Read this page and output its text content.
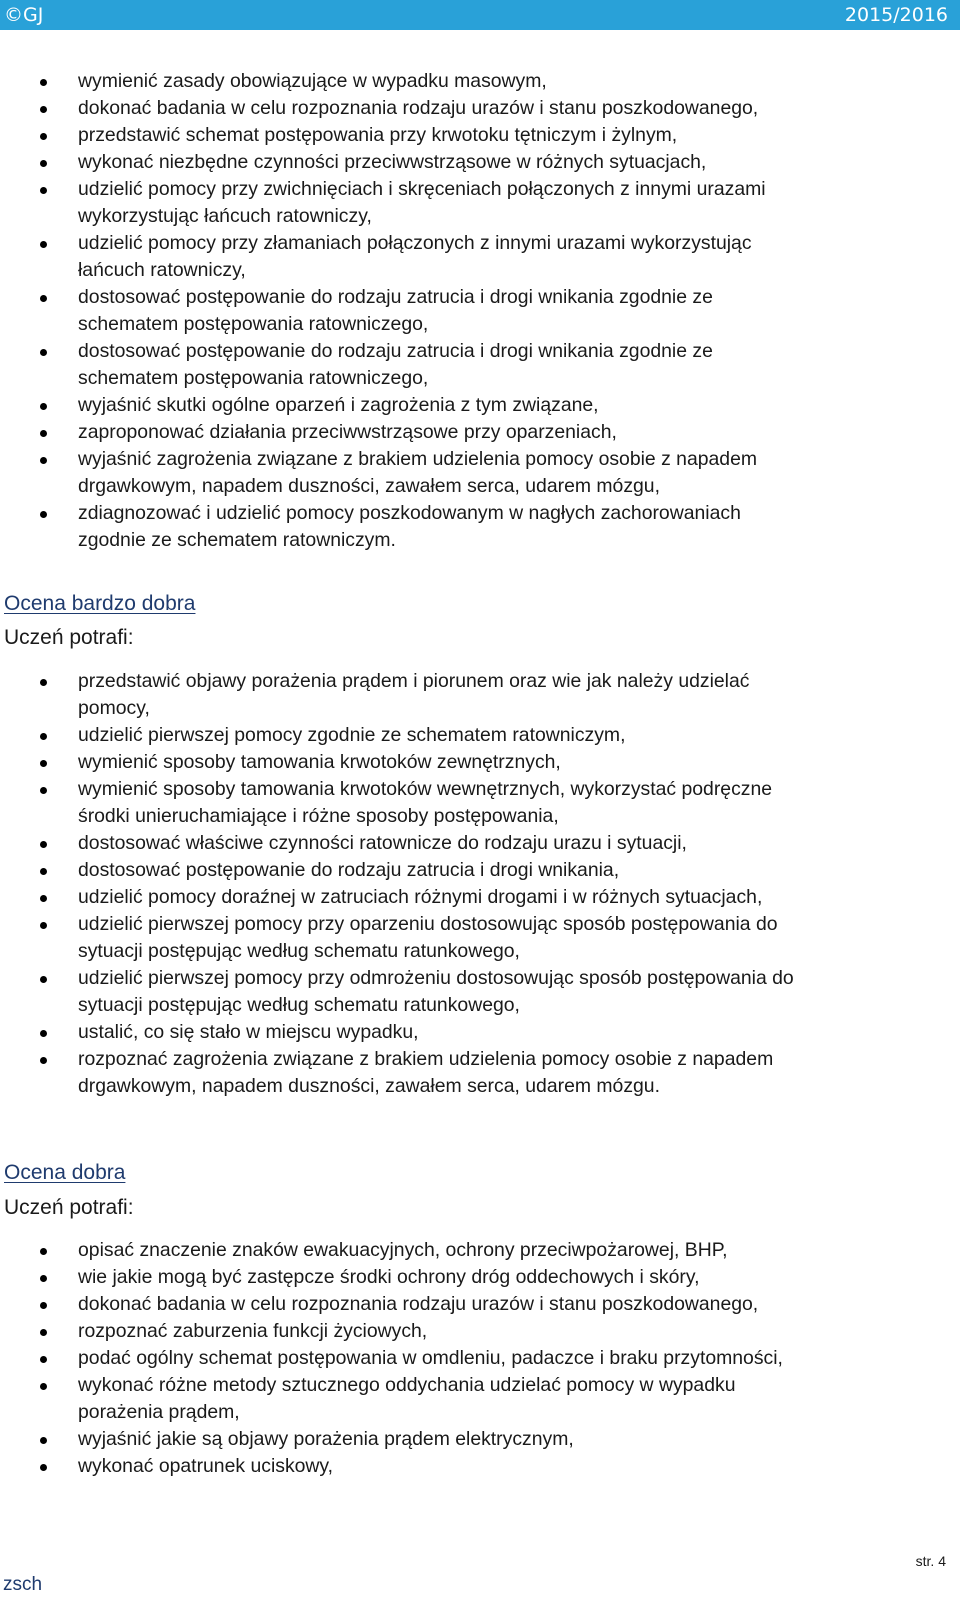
©GJ	2015/2016
wymienić zasady obowiązujące w wypadku masowym,
dokonać badania w celu rozpoznania rodzaju urazów i stanu poszkodowanego,
przedstawić schemat postępowania przy krwotoku tętniczym i żylnym,
wykonać niezbędne czynności przeciwwstrząsowe w różnych sytuacjach,
udzielić pomocy przy zwichnięciach i skręceniach połączonych z innymi urazami
wykorzystując łańcuch ratowniczy,
udzielić pomocy przy złamaniach połączonych z innymi urazami wykorzystując
łańcuch ratowniczy,
dostosować postępowanie do rodzaju zatrucia i drogi wnikania zgodnie ze
schematem postępowania ratowniczego,
dostosować postępowanie do rodzaju zatrucia i drogi wnikania zgodnie ze
schematem postępowania ratowniczego,
wyjaśnić skutki ogólne oparzeń i zagrożenia z tym związane,
zaproponować działania przeciwwstrząsowe przy oparzeniach,
wyjaśnić zagrożenia związane z brakiem udzielenia pomocy osobie z napadem
drgawkowym, napadem duszności, zawałem serca, udarem mózgu,
zdiagnozować i udzielić pomocy poszkodowanym w nagłych zachorowaniach
zgodnie ze schematem ratowniczym.
Ocena bardzo dobra
Uczeń potrafi:
przedstawić objawy porażenia prądem i piorunem oraz wie jak należy udzielać
pomocy,
udzielić pierwszej pomocy zgodnie ze schematem ratowniczym,
wymienić sposoby tamowania krwotoków zewnętrznych,
wymienić sposoby tamowania krwotoków wewnętrznych, wykorzystać podręczne
środki unieruchamiające i różne sposoby postępowania,
dostosować właściwe czynności ratownicze do rodzaju urazu i sytuacji,
dostosować postępowanie do rodzaju zatrucia i drogi wnikania,
udzielić pomocy doraźnej w zatruciach różnymi drogami i w różnych sytuacjach,
udzielić pierwszej pomocy przy oparzeniu dostosowując sposób postępowania do
sytuacji postępując według schematu ratunkowego,
udzielić pierwszej pomocy przy odmrożeniu dostosowując sposób postępowania do
sytuacji postępując według schematu ratunkowego,
ustalić, co się stało w miejscu wypadku,
rozpoznać zagrożenia związane z brakiem udzielenia pomocy osobie z napadem
drgawkowym, napadem duszności, zawałem serca, udarem mózgu.
Ocena dobra
Uczeń potrafi:
opisać znaczenie znaków ewakuacyjnych, ochrony przeciwpożarowej, BHP,
wie jakie mogą być zastępcze środki ochrony dróg oddechowych i skóry,
dokonać badania w celu rozpoznania rodzaju urazów i stanu poszkodowanego,
rozpoznać zaburzenia funkcji życiowych,
podać ogólny schemat postępowania w omdleniu, padaczce i braku przytomności,
wykonać różne metody sztucznego oddychania udzielać pomocy w wypadku
porażenia prądem,
wyjaśnić jakie są objawy porażenia prądem elektrycznym,
wykonać opatrunek uciskowy,
zsch
str. 4
